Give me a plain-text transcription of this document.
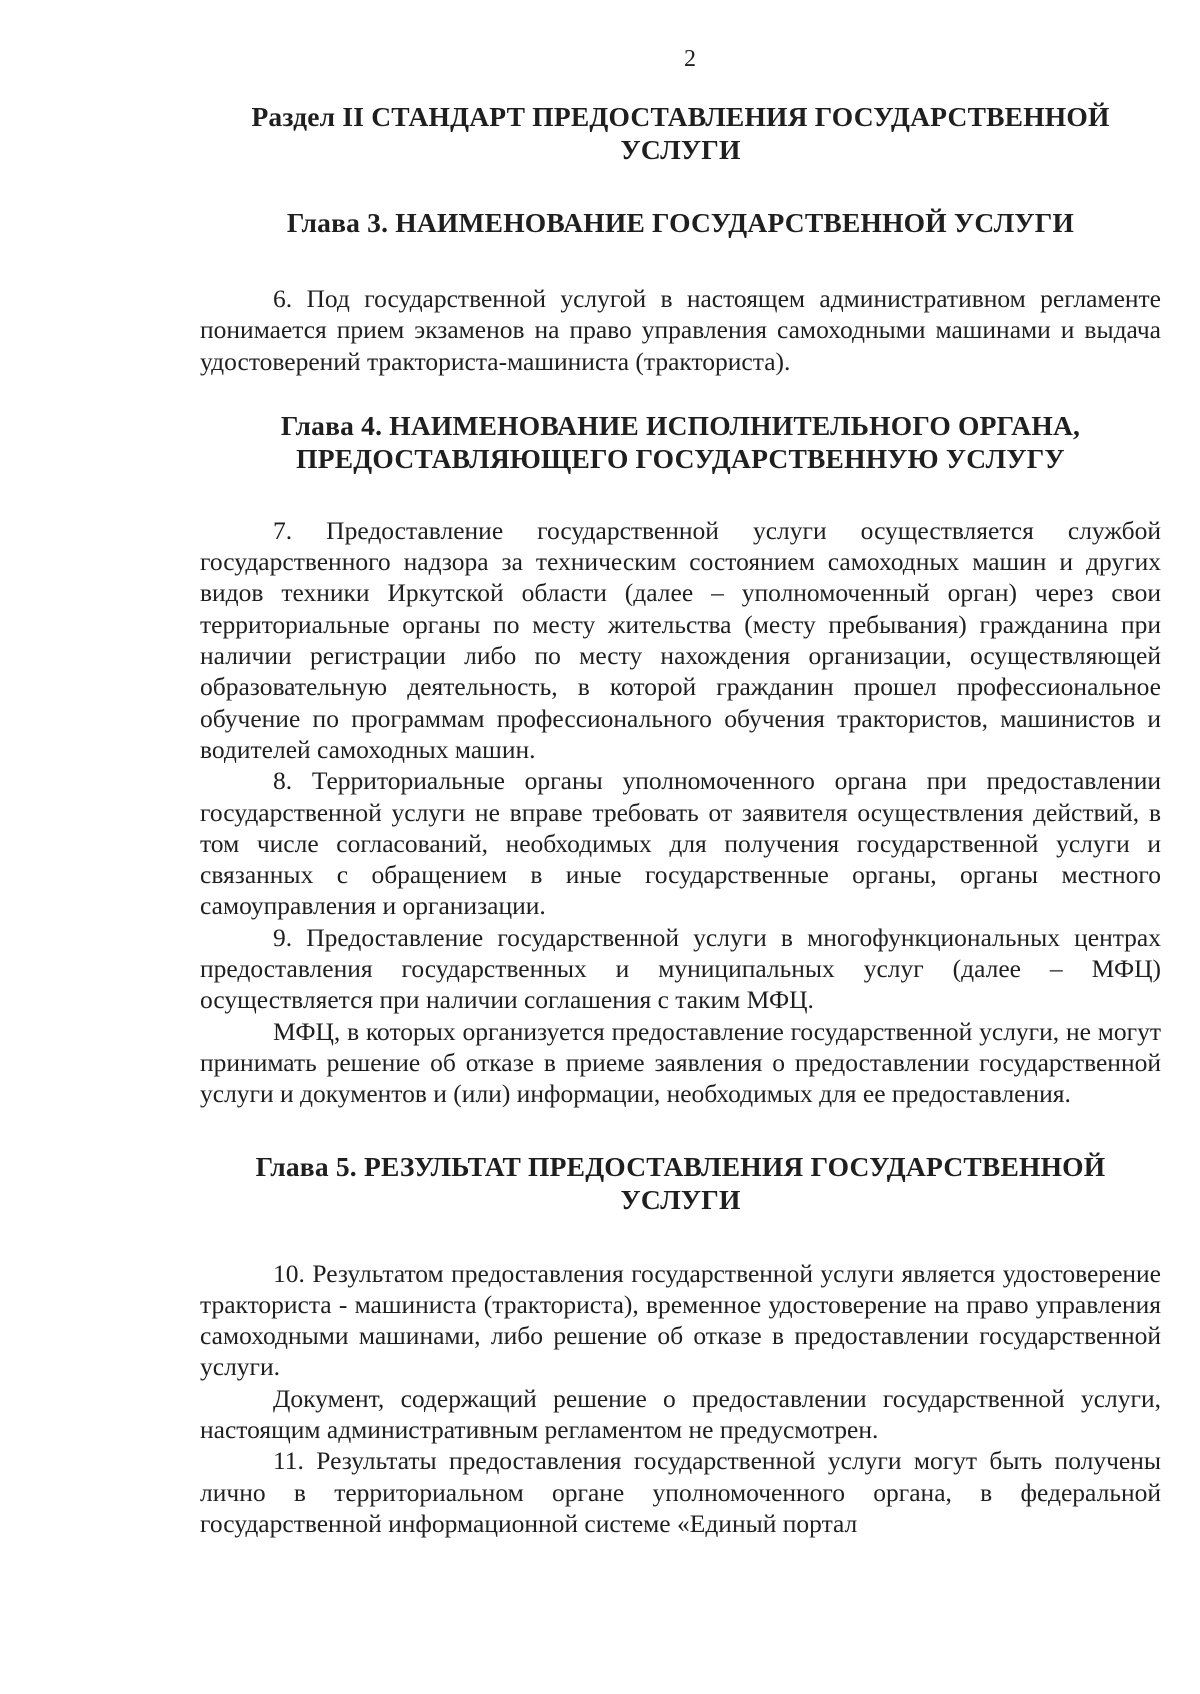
2
Раздел II СТАНДАРТ ПРЕДОСТАВЛЕНИЯ ГОСУДАРСТВЕННОЙ
УСЛУГИ
Глава 3. НАИМЕНОВАНИЕ ГОСУДАРСТВЕННОЙ УСЛУГИ

6. Под государственной услугой в настоящем административном регламенте понимается прием экзаменов на право управления самоходными машинами и выдача удостоверений тракториста-машиниста (тракториста).

Глава 4. НАИМЕНОВАНИЕ ИСПОЛНИТЕЛЬНОГО ОРГАНА,
ПРЕДОСТАВЛЯЮЩЕГО ГОСУДАРСТВЕННУЮ УСЛУГУ

7. Предоставление государственной услуги осуществляется службой государственного надзора за техническим состоянием самоходных машин и других видов техники Иркутской области (далее – уполномоченный орган) через свои территориальные органы по месту жительства (месту пребывания) гражданина при наличии регистрации либо по месту нахождения организации, осуществляющей образовательную деятельность, в которой гражданин прошел профессиональное обучение по программам профессионального обучения трактористов, машинистов и водителей самоходных машин.

8. Территориальные органы уполномоченного органа при предоставлении государственной услуги не вправе требовать от заявителя осуществления действий, в том числе согласований, необходимых для получения государственной услуги и связанных с обращением в иные государственные органы, органы местного самоуправления и организации.

9. Предоставление государственной услуги в многофункциональных центрах предоставления государственных и муниципальных услуг (далее – МФЦ) осуществляется при наличии соглашения с таким МФЦ.

МФЦ, в которых организуется предоставление государственной услуги, не могут принимать решение об отказе в приеме заявления о предоставлении государственной услуги и документов и (или) информации, необходимых для ее предоставления.

Глава 5. РЕЗУЛЬТАТ ПРЕДОСТАВЛЕНИЯ ГОСУДАРСТВЕННОЙ
УСЛУГИ

10. Результатом предоставления государственной услуги является удостоверение тракториста - машиниста (тракториста), временное удостоверение на право управления самоходными машинами, либо решение об отказе в предоставлении государственной услуги.

Документ, содержащий решение о предоставлении государственной услуги, настоящим административным регламентом не предусмотрен.

11. Результаты предоставления государственной услуги могут быть получены лично в территориальном органе уполномоченного органа, в федеральной государственной информационной системе «Единый портал
